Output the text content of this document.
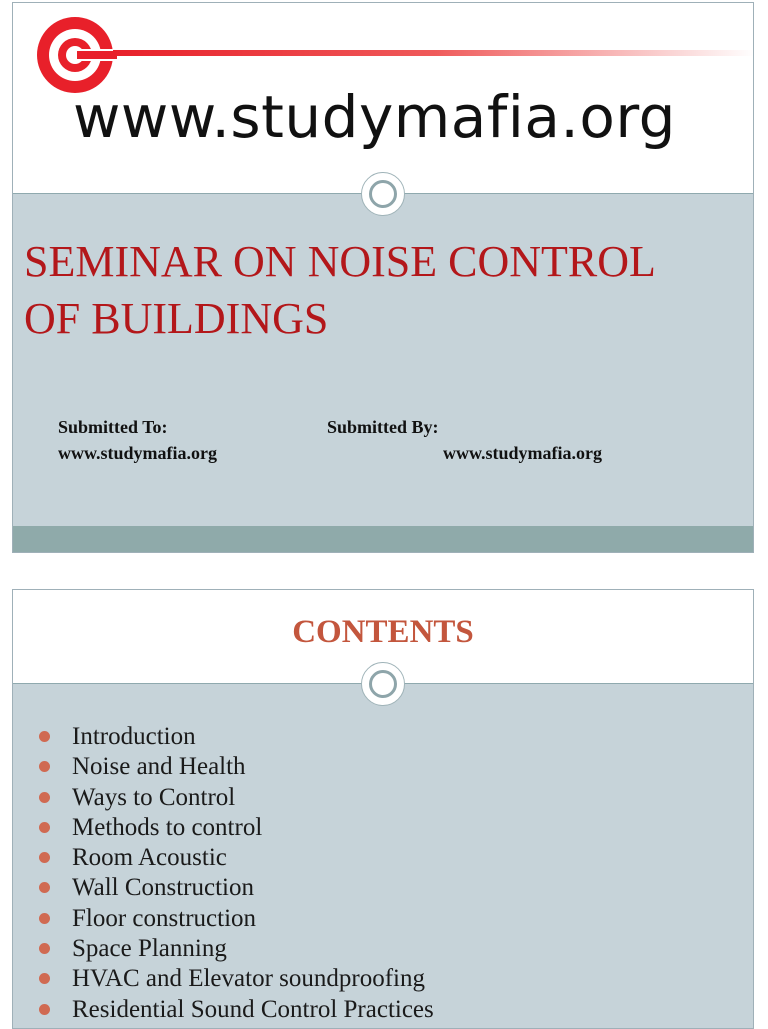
www.studymafia.org
SEMINAR ON NOISE CONTROL
OF BUILDINGS
Submitted To:
www.studymafia.org
Submitted By:
www.studymafia.org
CONTENTS
Introduction
Noise and Health
Ways to Control
Methods to control
Room Acoustic
Wall Construction
Floor construction
Space Planning
HVAC and Elevator soundproofing
Residential Sound Control Practices
